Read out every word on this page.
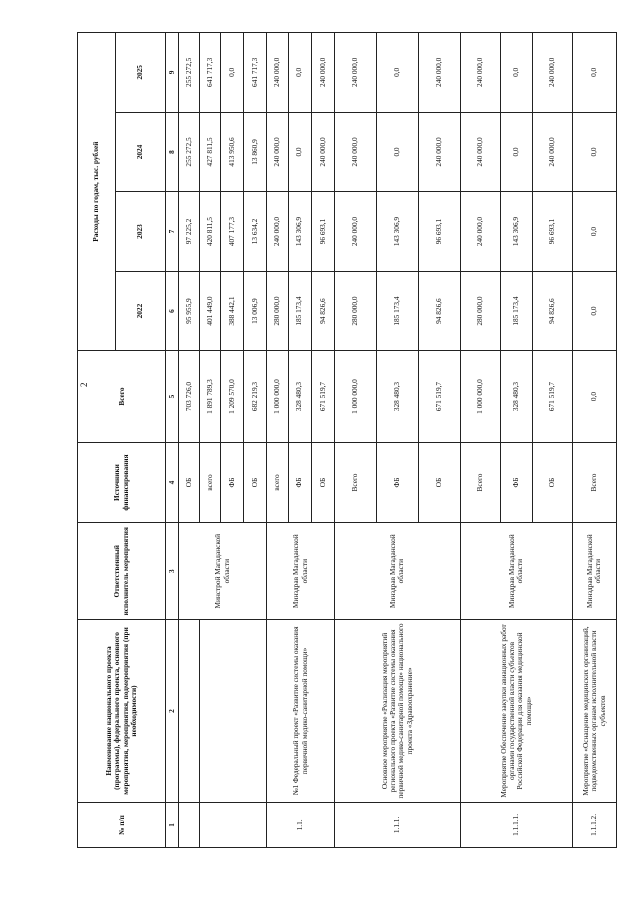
2
№ п/п	Наименование национального проекта (программы), федерального проекта, основного мероприятия, мероприятия, подмероприятия (при необходимости)	Ответственный исполнитель мероприятия	Источники финансирования	Всего	Расходы по годам, тыс. рублей			
					2022	2023	2024	2025
1	2	3	4	5	6	7	8	9
		Минстрой Магаданской области	ОБ	703 726,0	95 955,9	97 225,2	255 272,5	255 272,5
			всего	1 891 789,3	401 449,0	420 811,5	427 811,5	641 717,3
			ФБ	1 209 570,0	388 442,1	407 177,3	413 950,6	0,0
			ОБ	682 219,3	13 006,9	13 634,2	13 860,9	641 717,3
1.1.	№1 Федеральный проект «Развитие системы оказания первичной медико-санитарной помощи»	Минздрав Магаданской области	всего	1 000 000,0	280 000,0	240 000,0	240 000,0	240 000,0
			ФБ	328 480,3	185 173,4	143 306,9	0,0	0,0
			ОБ	671 519,7	94 826,6	96 693,1	240 000,0	240 000,0
1.1.1.	Основное мероприятие «Реализация мероприятий регионального проекта «Развитие системы оказания первичной медико-санитарной помощи» национального проекта «Здравоохранение»	Минздрав Магаданской области	Всего	1 000 000,0	280 000,0	240 000,0	240 000,0	240 000,0
			ФБ	328 480,3	185 173,4	143 306,9	0,0	0,0
			ОБ	671 519,7	94 826,6	96 693,1	240 000,0	240 000,0
1.1.1.1.	Мероприятие Обеспечение закупки авиационных работ органами государственной власти субъектов Российской Федерации для оказания медицинской помощи»	Минздрав Магаданской области	Всего	1 000 000,0	280 000,0	240 000,0	240 000,0	240 000,0
			ФБ	328 480,3	185 173,4	143 306,9	0,0	0,0
			ОБ	671 519,7	94 826,6	96 693,1	240 000,0	240 000,0
1.1.1.2.	Мероприятие «Оснащение медицинских организаций, подведомственных органам исполнительной власти субъектов	Минздрав Магаданской области	Всего	0,0	0,0	0,0	0,0	0,0
